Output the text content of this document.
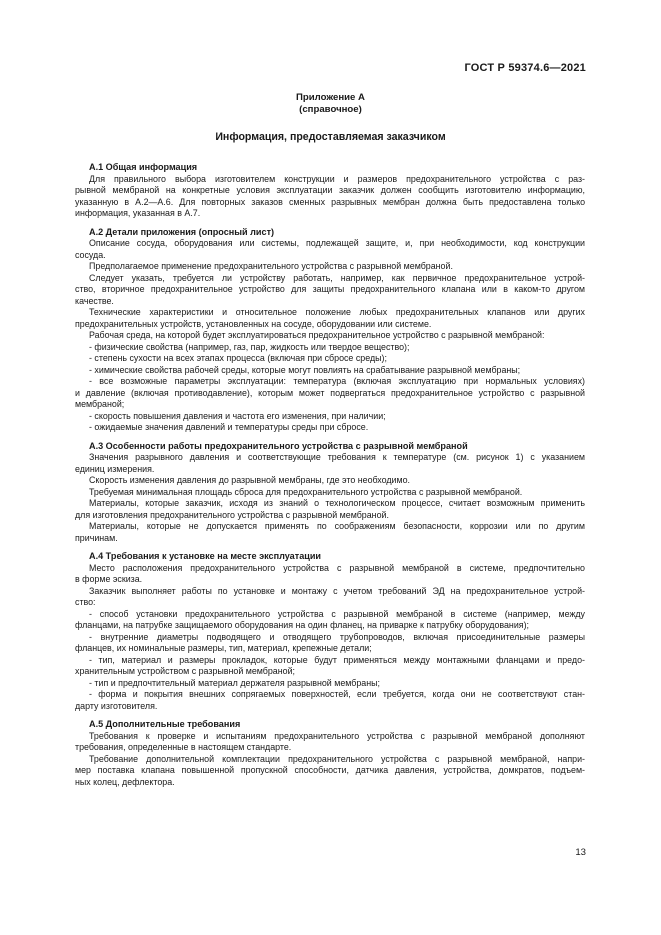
ГОСТ Р 59374.6—2021
Приложение А
(справочное)
Информация, предоставляемая заказчиком
А.1 Общая информация
Для правильного выбора изготовителем конструкции и размеров предохранительного устройства с раз-
рывной мембраной на конкретные условия эксплуатации заказчик должен сообщить изготовителю информацию,
указанную в А.2—А.6. Для повторных заказов сменных разрывных мембран должна быть предоставлена только
информация, указанная в А.7.
А.2 Детали приложения (опросный лист)
Описание сосуда, оборудования или системы, подлежащей защите, и, при необходимости, код конструкции
сосуда.
Предполагаемое применение предохранительного устройства с разрывной мембраной.
Следует указать, требуется ли устройству работать, например, как первичное предохранительное устрой-
ство, вторичное предохранительное устройство для защиты предохранительного клапана или в каком-то другом
качестве.
Технические характеристики и относительное положение любых предохранительных клапанов или других
предохранительных устройств, установленных на сосуде, оборудовании или системе.
Рабочая среда, на которой будет эксплуатироваться предохранительное устройство с разрывной мембраной:
- физические свойства (например, газ, пар, жидкость или твердое вещество);
- степень сухости на всех этапах процесса (включая при сбросе среды);
- химические свойства рабочей среды, которые могут повлиять на срабатывание разрывной мембраны;
- все возможные параметры эксплуатации: температура (включая эксплуатацию при нормальных условиях)
и давление (включая противодавление), которым может подвергаться предохранительное устройство с разрывной
мембраной;
- скорость повышения давления и частота его изменения, при наличии;
- ожидаемые значения давлений и температуры среды при сбросе.
А.3 Особенности работы предохранительного устройства с разрывной мембраной
Значения разрывного давления и соответствующие требования к температуре (см. рисунок 1) с указанием
единиц измерения.
Скорость изменения давления до разрывной мембраны, где это необходимо.
Требуемая минимальная площадь сброса для предохранительного устройства с разрывной мембраной.
Материалы, которые заказчик, исходя из знаний о технологическом процессе, считает возможным применить
для изготовления предохранительного устройства с разрывной мембраной.
Материалы, которые не допускается применять по соображениям безопасности, коррозии или по другим
причинам.
А.4 Требования к установке на месте эксплуатации
Место расположения предохранительного устройства с разрывной мембраной в системе, предпочтительно
в форме эскиза.
Заказчик выполняет работы по установке и монтажу с учетом требований ЭД на предохранительное устрой-
ство:
- способ установки предохранительного устройства с разрывной мембраной в системе (например, между
фланцами, на патрубке защищаемого оборудования на один фланец, на приварке к патрубку оборудования);
- внутренние диаметры подводящего и отводящего трубопроводов, включая присоединительные размеры
фланцев, их номинальные размеры, тип, материал, крепежные детали;
- тип, материал и размеры прокладок, которые будут применяться между монтажными фланцами и предо-
хранительным устройством с разрывной мембраной;
- тип и предпочтительный материал держателя разрывной мембраны;
- форма и покрытия внешних сопрягаемых поверхностей, если требуется, когда они не соответствуют стан-
дарту изготовителя.
А.5 Дополнительные требования
Требования к проверке и испытаниям предохранительного устройства с разрывной мембраной дополняют
требования, определенные в настоящем стандарте.
Требование дополнительной комплектации предохранительного устройства с разрывной мембраной, напри-
мер поставка клапана повышенной пропускной способности, датчика давления, устройства, домкратов, подъем-
ных колец, дефлектора.
13
